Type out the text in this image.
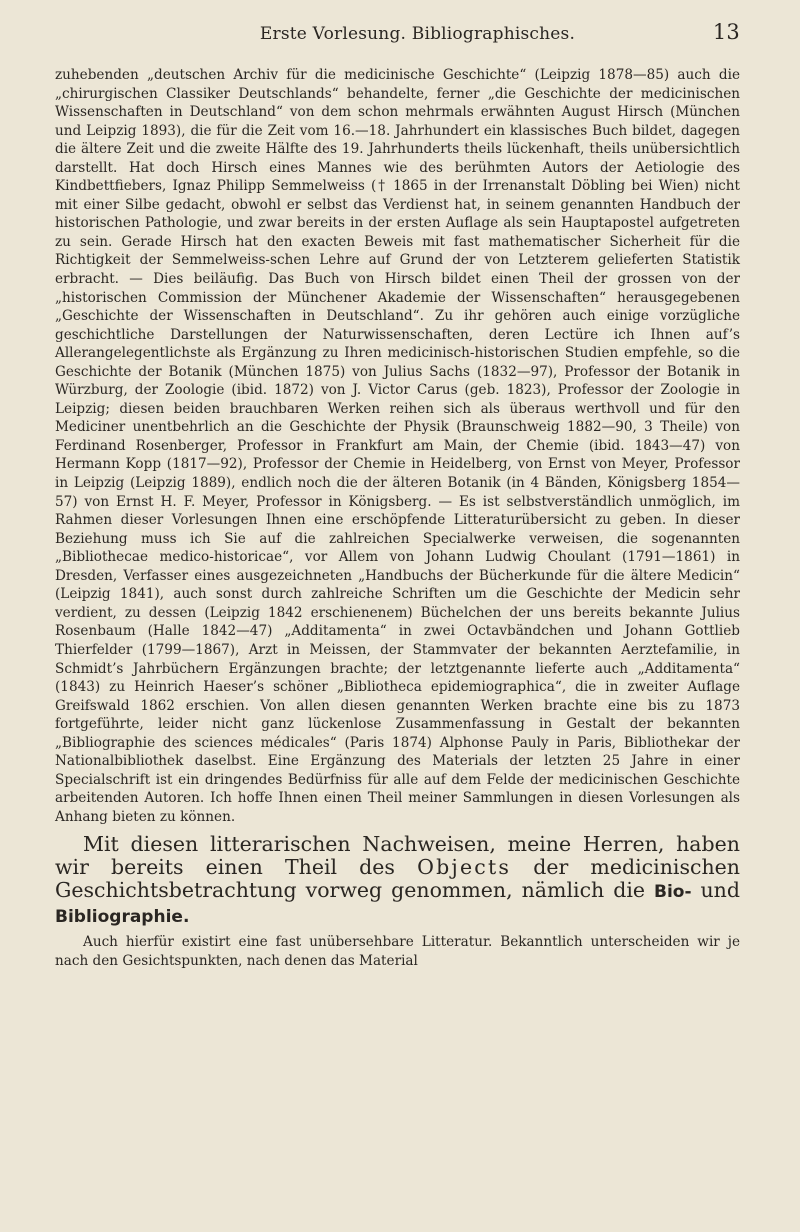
Erste Vorlesung. Bibliographisches.	13

zuhebenden „deutschen Archiv für die medicinische Geschichte“ (Leipzig 1878—85) auch die „chirurgischen Classiker Deutschlands“ behandelte, ferner „die Geschichte der medicinischen Wissenschaften in Deutschland“ von dem schon mehrmals erwähnten August Hirsch (München und Leipzig 1893), die für die Zeit vom 16.—18. Jahrhundert ein klassisches Buch bildet, dagegen die ältere Zeit und die zweite Hälfte des 19. Jahrhunderts theils lückenhaft, theils unübersichtlich darstellt. Hat doch Hirsch eines Mannes wie des berühmten Autors der Aetiologie des Kindbettfiebers, Ignaz Philipp Semmelweiss († 1865 in der Irrenanstalt Döbling bei Wien) nicht mit einer Silbe gedacht, obwohl er selbst das Verdienst hat, in seinem genannten Handbuch der historischen Pathologie, und zwar bereits in der ersten Auflage als sein Hauptapostel aufgetreten zu sein. Gerade Hirsch hat den exacten Beweis mit fast mathematischer Sicherheit für die Richtigkeit der Semmelweiss-schen Lehre auf Grund der von Letzterem gelieferten Statistik erbracht. — Dies beiläufig. Das Buch von Hirsch bildet einen Theil der grossen von der „historischen Commission der Münchener Akademie der Wissenschaften“ herausgegebenen „Geschichte der Wissenschaften in Deutschland“. Zu ihr gehören auch einige vorzügliche geschichtliche Darstellungen der Naturwissenschaften, deren Lectüre ich Ihnen auf’s Allerangelegentlichste als Ergänzung zu Ihren medicinisch-historischen Studien empfehle, so die Geschichte der Botanik (München 1875) von Julius Sachs (1832—97), Professor der Botanik in Würzburg, der Zoologie (ibid. 1872) von J. Victor Carus (geb. 1823), Professor der Zoologie in Leipzig; diesen beiden brauchbaren Werken reihen sich als überaus werthvoll und für den Mediciner unentbehrlich an die Geschichte der Physik (Braunschweig 1882—90, 3 Theile) von Ferdinand Rosenberger, Professor in Frankfurt am Main, der Chemie (ibid. 1843—47) von Hermann Kopp (1817—92), Professor der Chemie in Heidelberg, von Ernst von Meyer, Professor in Leipzig (Leipzig 1889), endlich noch die der älteren Botanik (in 4 Bänden, Königsberg 1854—57) von Ernst H. F. Meyer, Professor in Königsberg. — Es ist selbstverständlich unmöglich, im Rahmen dieser Vorlesungen Ihnen eine erschöpfende Litteraturübersicht zu geben. In dieser Beziehung muss ich Sie auf die zahlreichen Specialwerke verweisen, die sogenannten „Bibliothecae medico-historicae“, vor Allem von Johann Ludwig Choulant (1791—1861) in Dresden, Verfasser eines ausgezeichneten „Handbuchs der Bücherkunde für die ältere Medicin“ (Leipzig 1841), auch sonst durch zahlreiche Schriften um die Geschichte der Medicin sehr verdient, zu dessen (Leipzig 1842 erschienenem) Büchelchen der uns bereits bekannte Julius Rosenbaum (Halle 1842—47) „Additamenta“ in zwei Octavbändchen und Johann Gottlieb Thierfelder (1799—1867), Arzt in Meissen, der Stammvater der bekannten Aerztefamilie, in Schmidt’s Jahrbüchern Ergänzungen brachte; der letztgenannte lieferte auch „Additamenta“ (1843) zu Heinrich Haeser’s schöner „Bibliotheca epidemiographica“, die in zweiter Auflage Greifswald 1862 erschien. Von allen diesen genannten Werken brachte eine bis zu 1873 fortgeführte, leider nicht ganz lückenlose Zusammenfassung in Gestalt der bekannten „Bibliographie des sciences médicales“ (Paris 1874) Alphonse Pauly in Paris, Bibliothekar der Nationalbibliothek daselbst. Eine Ergänzung des Materials der letzten 25 Jahre in einer Specialschrift ist ein dringendes Bedürfniss für alle auf dem Felde der medicinischen Geschichte arbeitenden Autoren. Ich hoffe Ihnen einen Theil meiner Sammlungen in diesen Vorlesungen als Anhang bieten zu können.

Mit diesen litterarischen Nachweisen, meine Herren, haben wir bereits einen Theil des Objects der medicinischen Geschichtsbetrachtung vorweg genommen, nämlich die Bio- und Bibliographie.

Auch hierfür existirt eine fast unübersehbare Litteratur. Bekanntlich unterscheiden wir je nach den Gesichtspunkten, nach denen das Material
